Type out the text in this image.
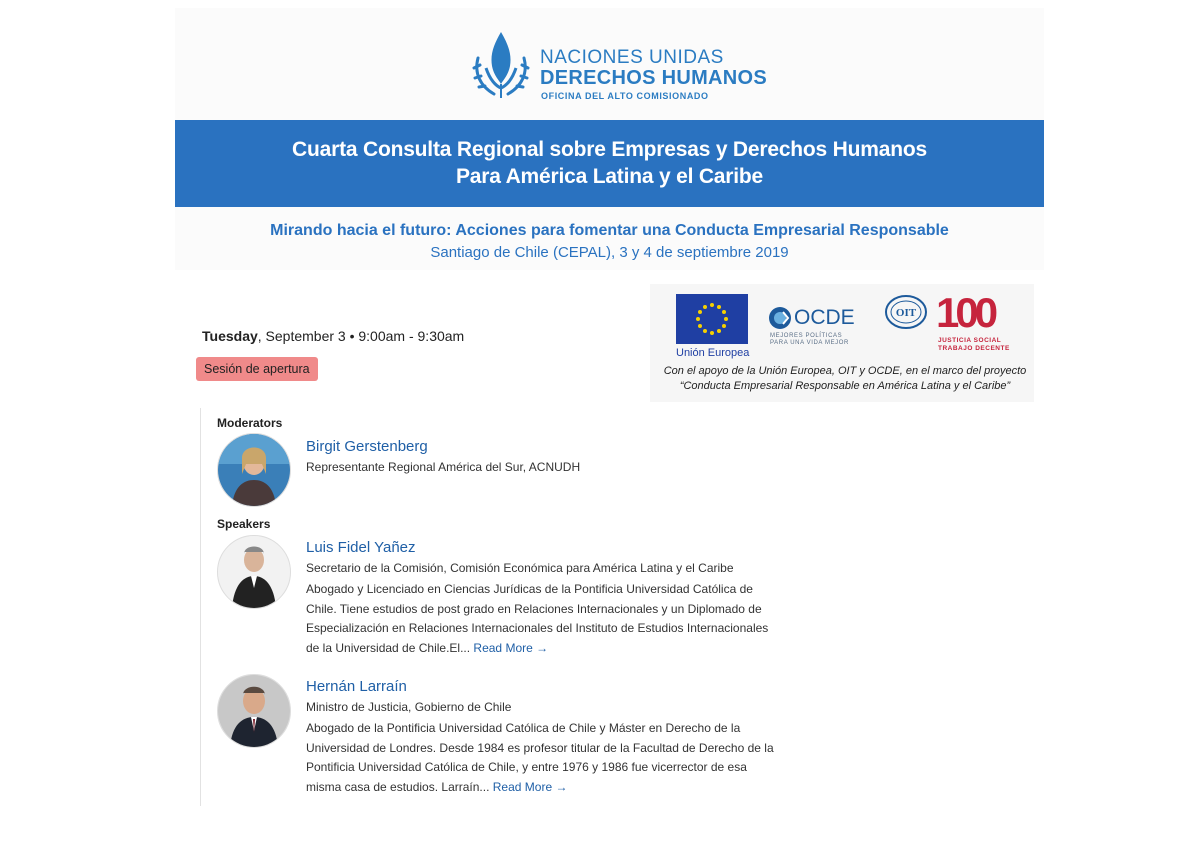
NACIONES UNIDAS
DERECHOS HUMANOS
OFICINA DEL ALTO COMISIONADO
Cuarta Consulta Regional sobre Empresas y Derechos Humanos
Para América Latina y el Caribe
Mirando hacia el futuro: Acciones para fomentar una Conducta Empresarial Responsable
Santiago de Chile (CEPAL), 3 y 4 de septiembre 2019
Unión Europea
OCDE
MEJORES POLÍTICAS
PARA UNA VIDA MEJOR
OIT 100
JUSTICIA SOCIAL
TRABAJO DECENTE
Con el apoyo de la Unión Europea, OIT y OCDE, en el marco del proyecto
“Conducta Empresarial Responsable en América Latina y el Caribe”
Tuesday, September 3 • 9:00am - 9:30am
Sesión de apertura
Moderators
Birgit Gerstenberg
Representante Regional América del Sur, ACNUDH
Speakers
Luis Fidel Yañez
Secretario de la Comisión, Comisión Económica para América Latina y el Caribe
Abogado y Licenciado en Ciencias Jurídicas de la Pontificia Universidad Católica de Chile. Tiene estudios de post grado en Relaciones Internacionales y un Diplomado de Especialización en Relaciones Internacionales del Instituto de Estudios Internacionales de la Universidad de Chile.El... Read More →
Hernán Larraín
Ministro de Justicia, Gobierno de Chile
Abogado de la Pontificia Universidad Católica de Chile y Máster en Derecho de la Universidad de Londres. Desde 1984 es profesor titular de la Facultad de Derecho de la Pontificia Universidad Católica de Chile, y entre 1976 y 1986 fue vicerrector de esa misma casa de estudios. Larraín... Read More →
